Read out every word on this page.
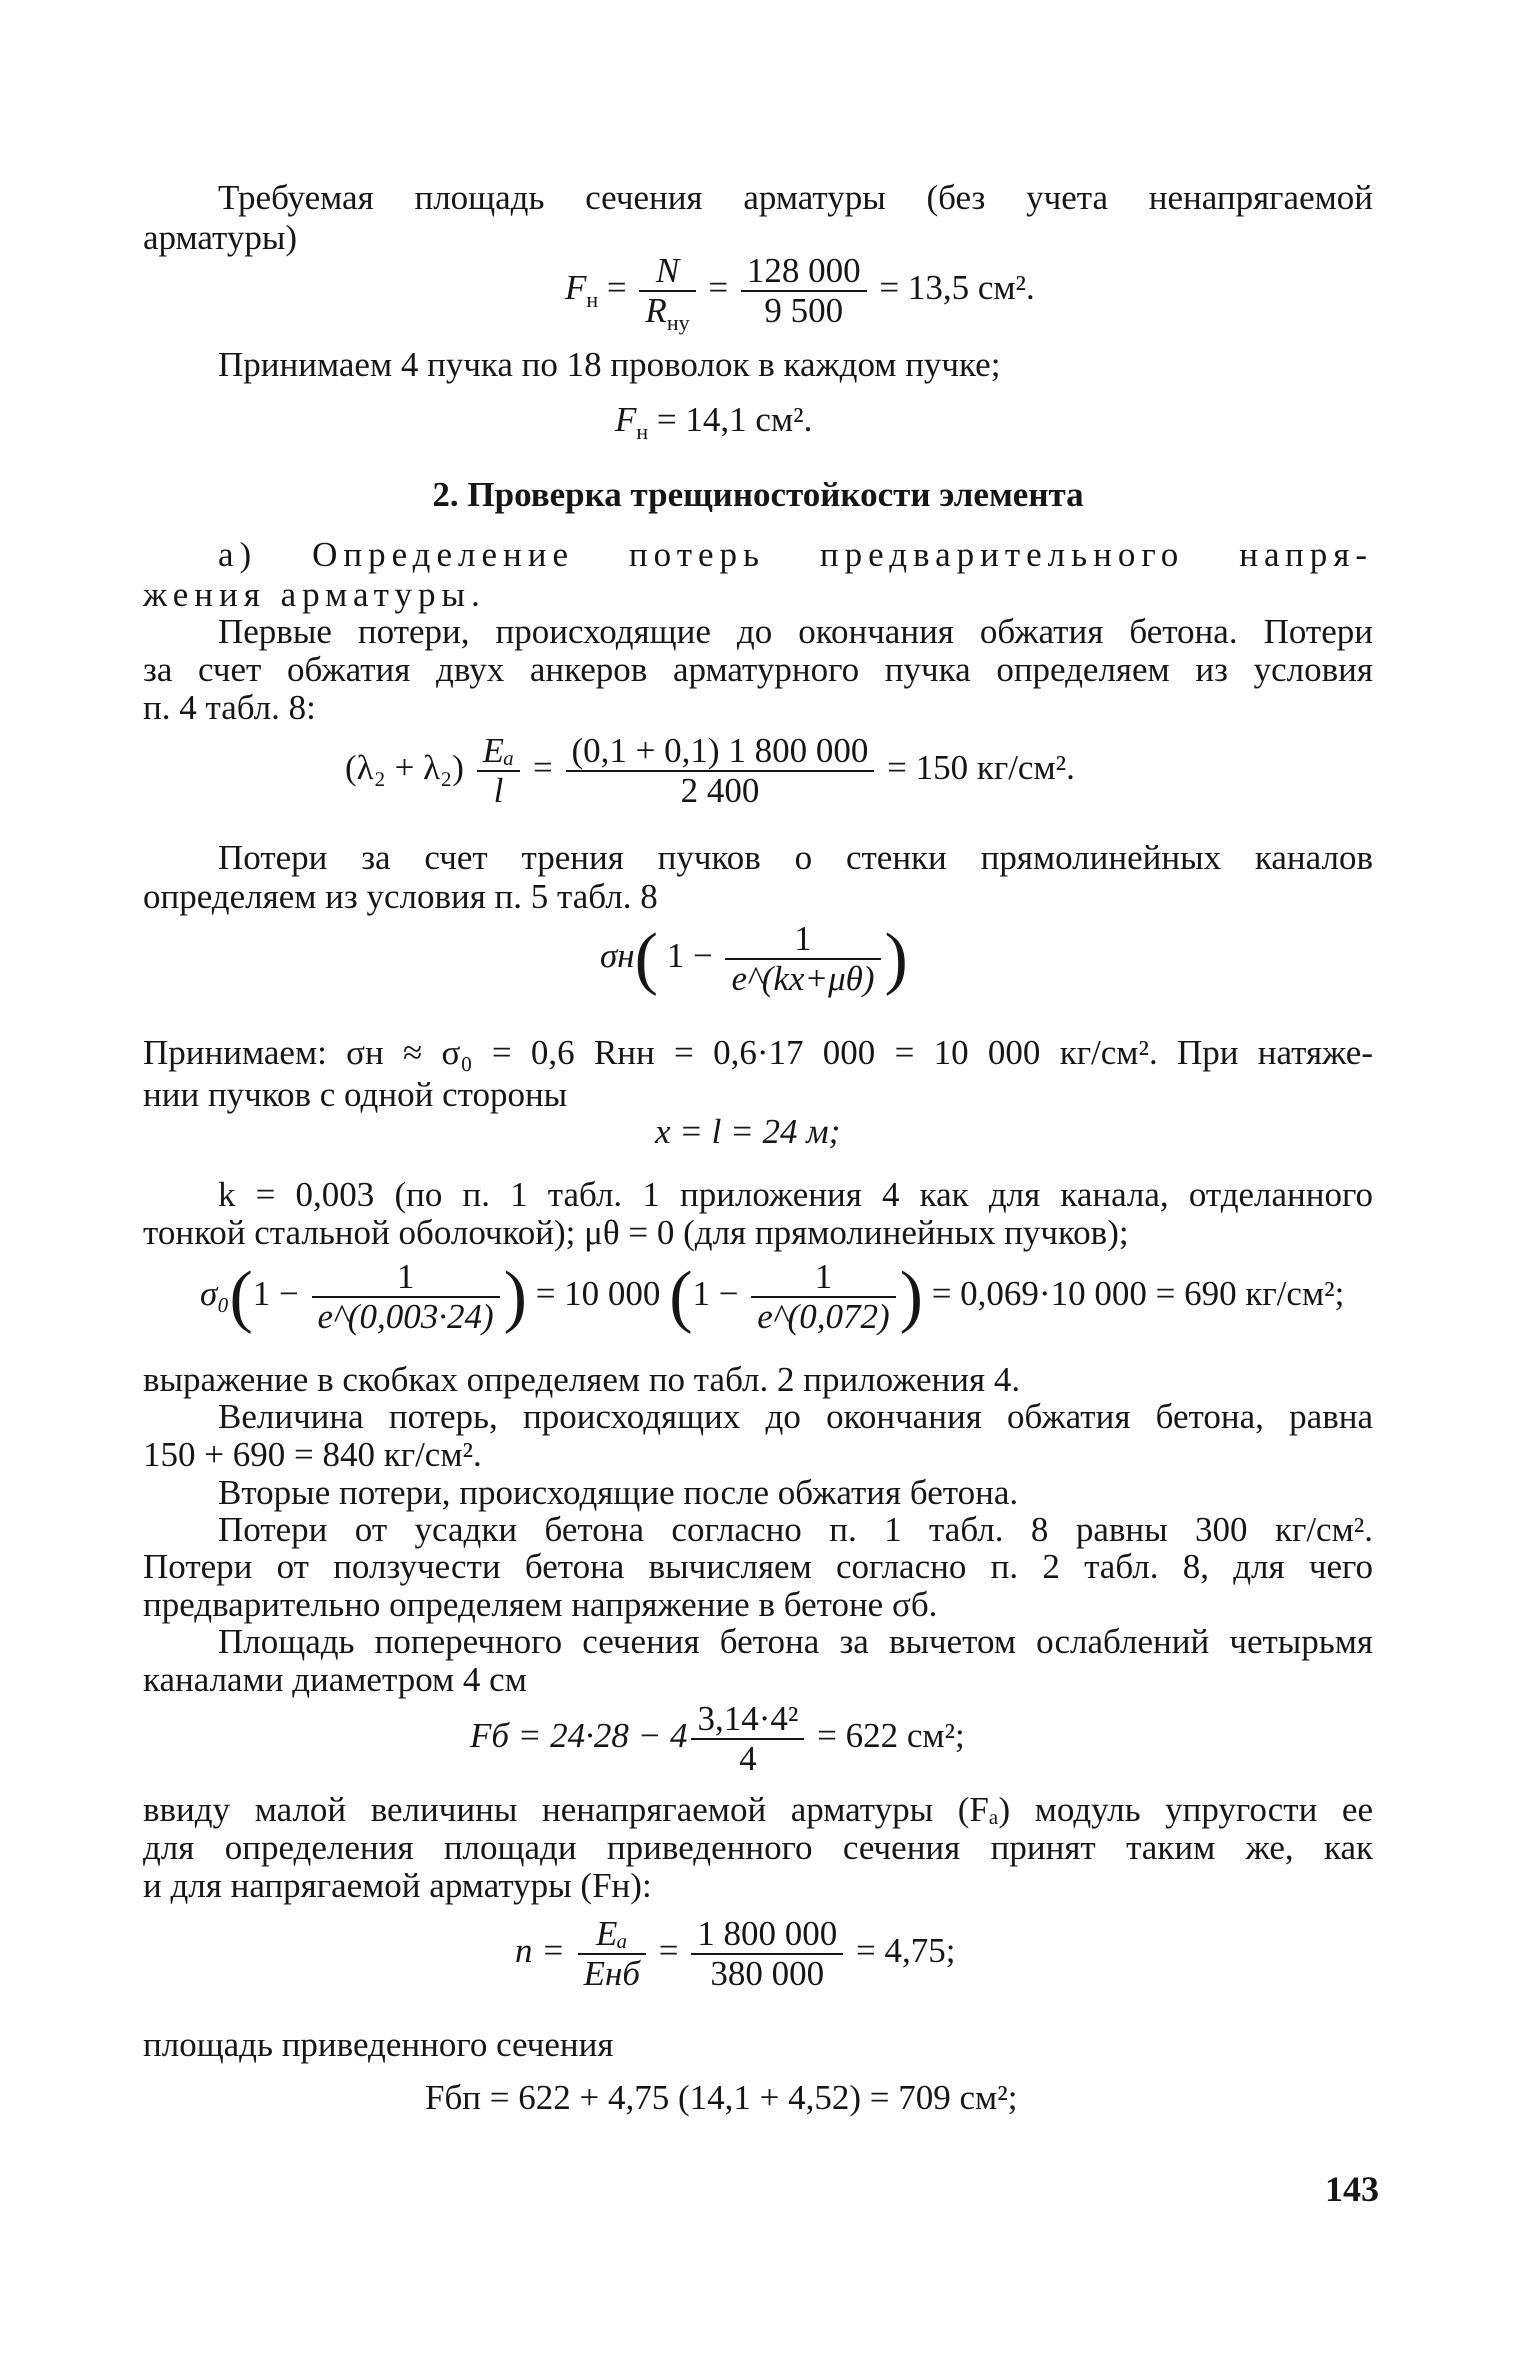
Требуемая площадь сечения арматуры (без учета ненапрягаемой
арматуры)
$F_н = \frac{N}{R_{ну}} = \frac{128 000}{9 500} = 13,5$ см².
Принимаем 4 пучка по 18 проволок в каждом пучке;
$F_н = 14,1$ см².
2. Проверка трещиностойкости элемента
а) Определение потерь предварительного напря-
жения арматуры.
Первые потери, происходящие до окончания обжатия бетона. Потери
за счет обжатия двух анкеров арматурного пучка определяем из условия
п. 4 табл. 8:
$(\lambda_2 + \lambda_2) \frac{\text{Eₐ}}{l} = \frac{(0,1 + 0,1) 1 800 000}{2 400} = 150$ кг/см².
Потери за счет трения пучков о стенки прямолинейных каналов
определяем из условия п. 5 табл. 8
σн( $1 - \frac{1}{e\^{}(kx+\mu\theta)}$ )
Принимаем: σн ≈ σ₀ = 0,6 Rнн = 0,6·17 000 = 10 000 кг/см². При натяже-
нии пучков с одной стороны
x = l = 24 м;
k = 0,003 (по п. 1 табл. 1 приложения 4 как для канала, отделанного
тонкой стальной оболочкой); μθ = 0 (для прямолинейных пучков);
$\sigma_0(1 - \frac{1}{e\^{}(0,003\cdot 24)}$ ) = 10 000 ($1 - \frac{1}{e\^{}(0,072)}$ ) = 0,069·10 000 = 690 кг/см²;
выражение в скобках определяем по табл. 2 приложения 4.
Величина потерь, происходящих до окончания обжатия бетона, равна
150 + 690 = 840 кг/см².
Вторые потери, происходящие после обжатия бетона.
Потери от усадки бетона согласно п. 1 табл. 8 равны 300 кг/см².
Потери от ползучести бетона вычисляем согласно п. 2 табл. 8, для чего
предварительно определяем напряжение в бетоне σб.
Площадь поперечного сечения бетона за вычетом ослаблений четырьмя
каналами диаметром 4 см
Fб = $24\cdot 28 - 4 \frac{\text{3,14·4²}}{4} = 622$ см²;
ввиду малой величины ненапрягаемой арматуры (Fₐ) модуль упругости ее
для определения площади приведенного сечения принят таким же, как
и для напрягаемой арматуры (Fн):
$n = \frac{\text{Eₐ}}{\text{Eнб}} = \frac{1 800 000}{380 000} = 4,75$;
площадь приведенного сечения
Fбп = 622 + 4,75 (14,1 + 4,52) = 709 см²;
143
